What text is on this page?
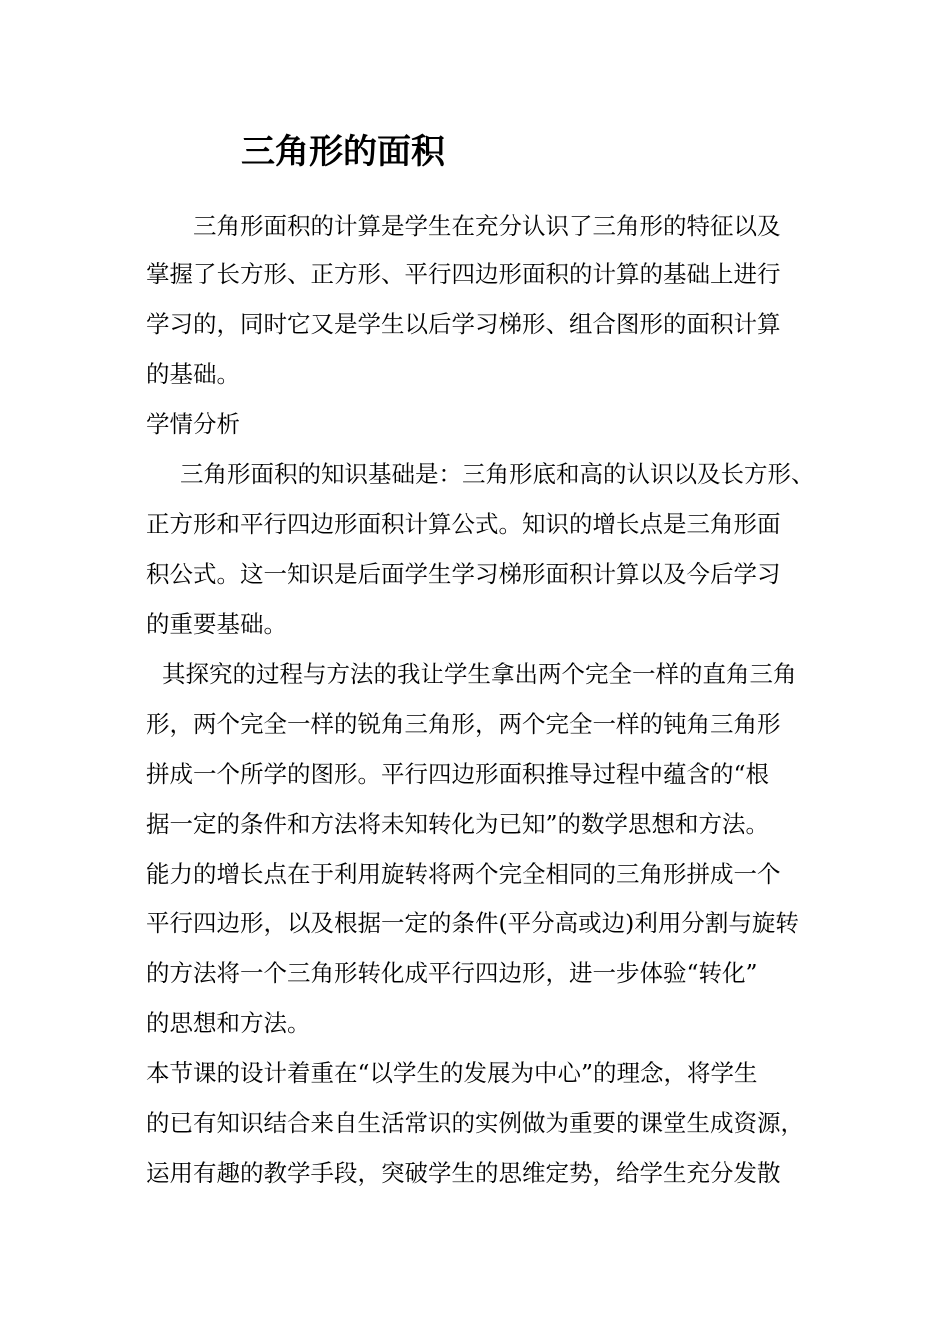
三角形的面积
三角形面积的计算是学生在充分认识了三角形的特征以及
掌握了长方形、正方形、平行四边形面积的计算的基础上进行
学习的，同时它又是学生以后学习梯形、组合图形的面积计算
的基础。
学情分析
三角形面积的知识基础是：三角形底和高的认识以及长方形、
正方形和平行四边形面积计算公式。知识的增长点是三角形面
积公式。这一知识是后面学生学习梯形面积计算以及今后学习
的重要基础。
其探究的过程与方法的我让学生拿出两个完全一样的直角三角
形，两个完全一样的锐角三角形，两个完全一样的钝角三角形
拼成一个所学的图形。平行四边形面积推导过程中蕴含的“根
据一定的条件和方法将未知转化为已知”的数学思想和方法。
能力的增长点在于利用旋转将两个完全相同的三角形拼成一个
平行四边形，以及根据一定的条件(平分高或边)利用分割与旋转
的方法将一个三角形转化成平行四边形，进一步体验“转化”
的思想和方法。
本节课的设计着重在“以学生的发展为中心”的理念，将学生
的已有知识结合来自生活常识的实例做为重要的课堂生成资源，
运用有趣的教学手段，突破学生的思维定势，给学生充分发散
